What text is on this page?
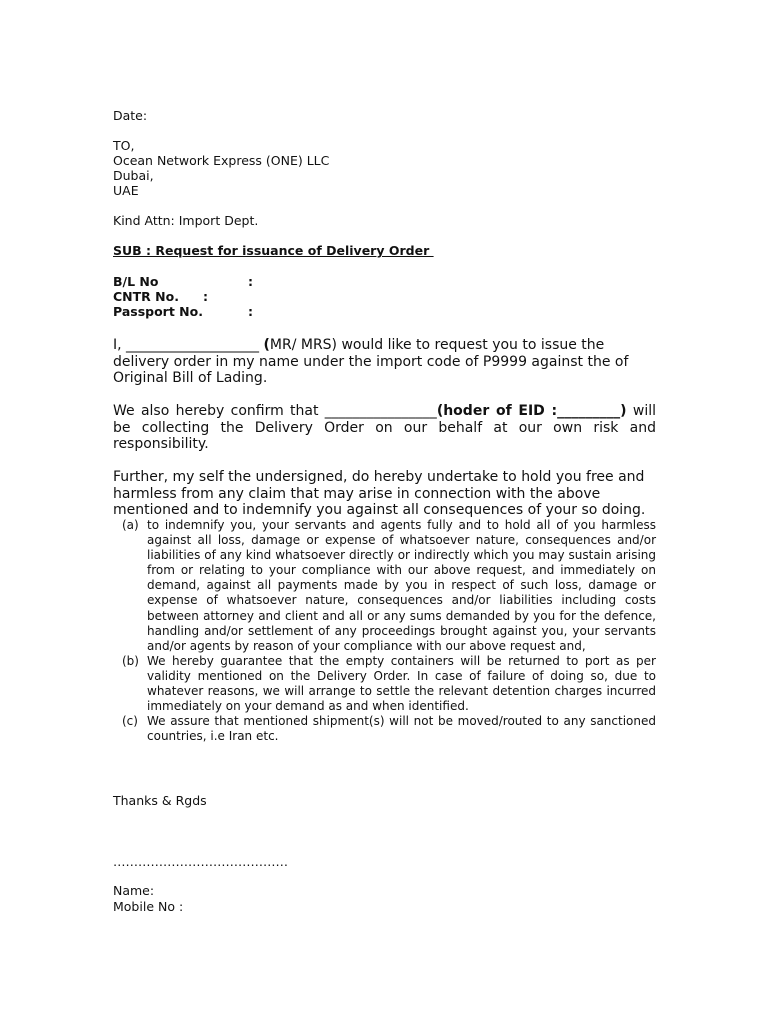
Date:
TO,
Ocean Network Express (ONE) LLC
Dubai,
UAE
Kind Attn: Import Dept.
SUB : Request for issuance of Delivery Order
B/L No	:
CNTR No. :
Passport No.	:
I, ___________________ (MR/ MRS) would like to request you to issue the delivery order in my name under the import code of P9999 against the of Original Bill of Lading.
We also hereby confirm that ________________(hoder of EID :_________) will be collecting the Delivery Order on our behalf at our own risk and responsibility.
Further, my self the undersigned, do hereby undertake to hold you free and harmless from any claim that may arise in connection with the above mentioned and to indemnify you against all consequences of your so doing.
(a) to indemnify you, your servants and agents fully and to hold all of you harmless against all loss, damage or expense of whatsoever nature, consequences and/or liabilities of any kind whatsoever directly or indirectly which you may sustain arising from or relating to your compliance with our above request, and immediately on demand, against all payments made by you in respect of such loss, damage or expense of whatsoever nature, consequences and/or liabilities including costs between attorney and client and all or any sums demanded by you for the defence, handling and/or settlement of any proceedings brought against you, your servants and/or agents by reason of your compliance with our above request and,
(b) We hereby guarantee that the empty containers will be returned to port as per validity mentioned on the Delivery Order. In case of failure of doing so, due to whatever reasons, we will arrange to settle the relevant detention charges incurred immediately on your demand as and when identified.
(c) We assure that mentioned shipment(s) will not be moved/routed to any sanctioned countries, i.e Iran etc.
Thanks & Rgds
……………………………………
Name:
Mobile No :
